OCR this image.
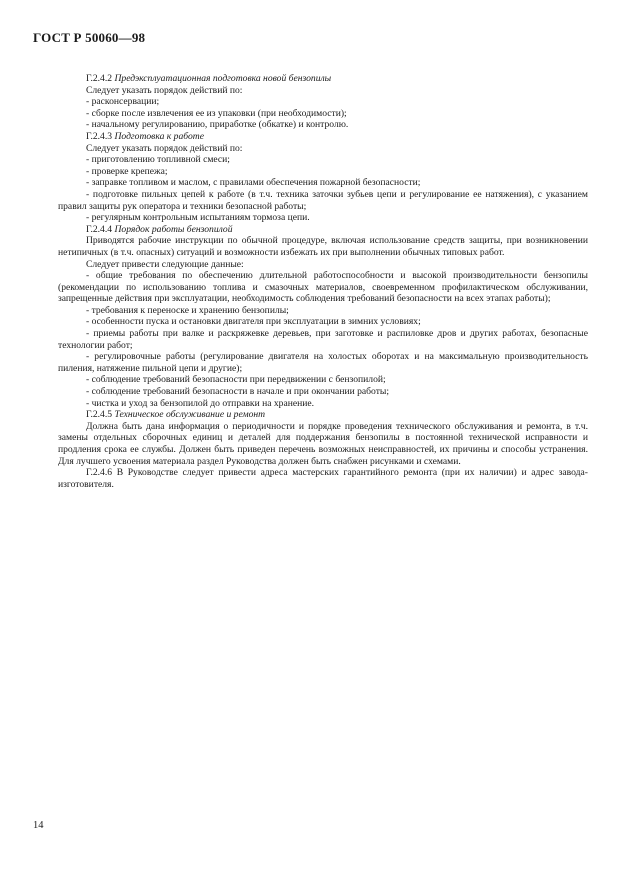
ГОСТ Р 50060—98

Г.2.4.2 Предэксплуатационная подготовка новой бензопилы

Следует указать порядок действий по:

- расконсервации;

- сборке после извлечения ее из упаковки (при необходимости);

- начальному регулированию, приработке (обкатке) и контролю.

Г.2.4.3 Подготовка к работе

Следует указать порядок действий по:

- приготовлению топливной смеси;

- проверке крепежа;

- заправке топливом и маслом, с правилами обеспечения пожарной безопасности;

- подготовке пильных цепей к работе (в т.ч. техника заточки зубьев цепи и регулирование ее натяжения), с указанием правил защиты рук оператора и техники безопасной работы;

- регулярным контрольным испытаниям тормоза цепи.

Г.2.4.4 Порядок работы бензопилой

Приводятся рабочие инструкции по обычной процедуре, включая использование средств защиты, при возникновении нетипичных (в т.ч. опасных) ситуаций и возможности избежать их при выполнении обычных типовых работ.

Следует привести следующие данные:

- общие требования по обеспечению длительной работоспособности и высокой производительности бензопилы (рекомендации по использованию топлива и смазочных материалов, своевременном профилактическом обслуживании, запрещенные действия при эксплуатации, необходимость соблюдения требований безопасности на всех этапах работы);

- требования к переноске и хранению бензопилы;

- особенности пуска и остановки двигателя при эксплуатации в зимних условиях;

- приемы работы при валке и раскряжевке деревьев, при заготовке и распиловке дров и других работах, безопасные технологии работ;

- регулировочные работы (регулирование двигателя на холостых оборотах и на максимальную производительность пиления, натяжение пильной цепи и другие);

- соблюдение требований безопасности при передвижении с бензопилой;

- соблюдение требований безопасности в начале и при окончании работы;

- чистка и уход за бензопилой до отправки на хранение.

Г.2.4.5 Техническое обслуживание и ремонт

Должна быть дана информация о периодичности и порядке проведения технического обслуживания и ремонта, в т.ч. замены отдельных сборочных единиц и деталей для поддержания бензопилы в постоянной технической исправности и продления срока ее службы. Должен быть приведен перечень возможных неисправностей, их причины и способы устранения. Для лучшего усвоения материала раздел Руководства должен быть снабжен рисунками и схемами.

Г.2.4.6 В Руководстве следует привести адреса мастерских гарантийного ремонта (при их наличии) и адрес завода-изготовителя.

14
